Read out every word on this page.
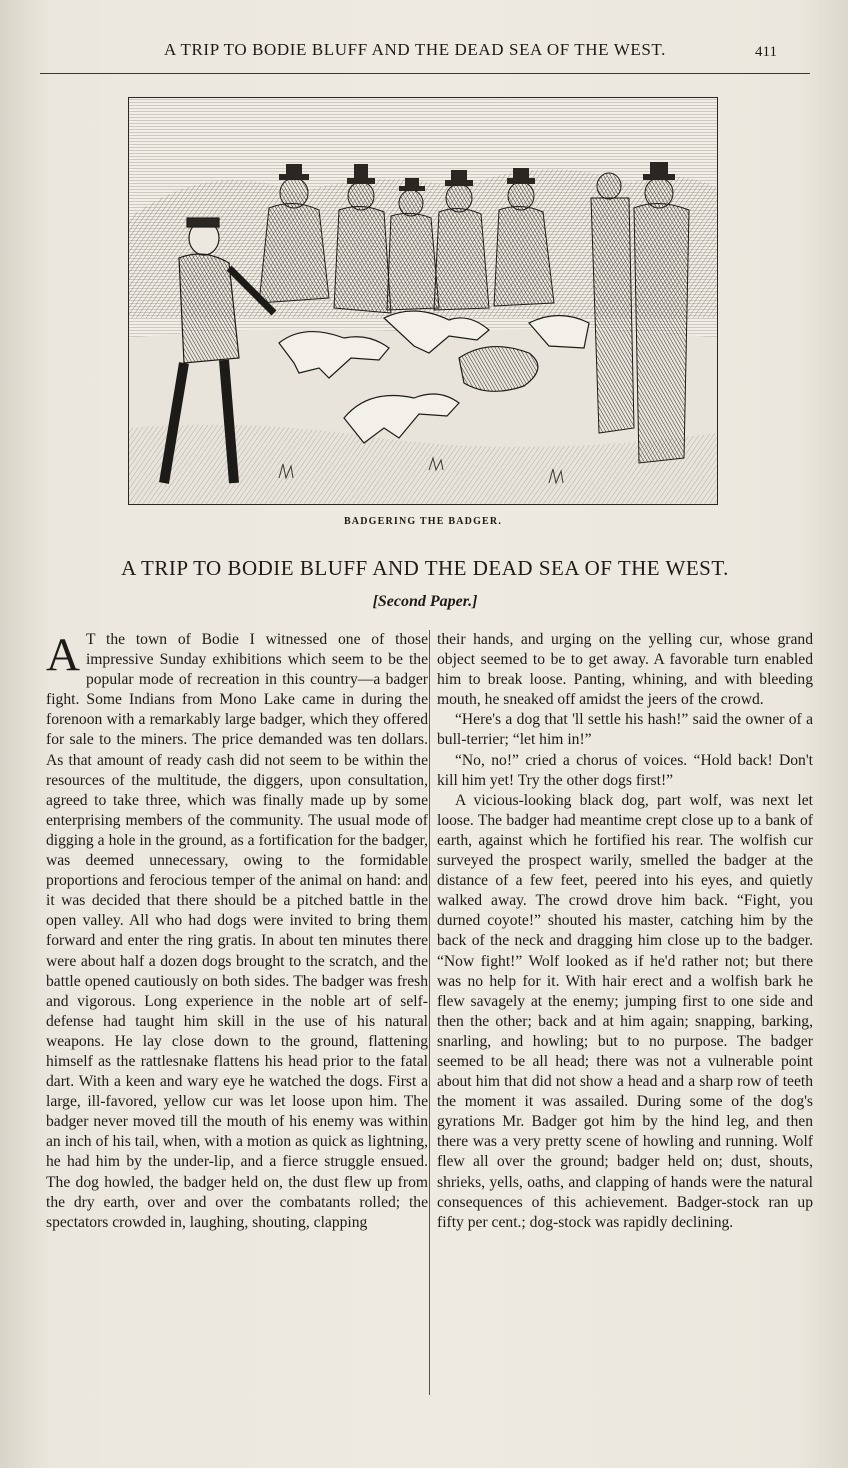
A TRIP TO BODIE BLUFF AND THE DEAD SEA OF THE WEST.	411
BADGERING THE BADGER.
A TRIP TO BODIE BLUFF AND THE DEAD SEA OF THE WEST.
[Second Paper.]

A T the town of Bodie I witnessed one of those impressive Sunday exhibitions which seem to be the popular mode of recreation in this country—a badger fight. Some Indians from Mono Lake came in during the forenoon with a remarkably large badger, which they offered for sale to the miners. The price demanded was ten dollars. As that amount of ready cash did not seem to be within the resources of the multitude, the diggers, upon consultation, agreed to take three, which was finally made up by some enterprising members of the community. The usual mode of digging a hole in the ground, as a fortification for the badger, was deemed unnecessary, owing to the formidable proportions and ferocious temper of the animal on hand: and it was decided that there should be a pitched battle in the open valley. All who had dogs were invited to bring them forward and enter the ring gratis. In about ten minutes there were about half a dozen dogs brought to the scratch, and the battle opened cautiously on both sides. The badger was fresh and vigorous. Long experience in the noble art of self-defense had taught him skill in the use of his natural weapons. He lay close down to the ground, flattening himself as the rattlesnake flattens his head prior to the fatal dart. With a keen and wary eye he watched the dogs. First a large, ill-favored, yellow cur was let loose upon him. The badger never moved till the mouth of his enemy was within an inch of his tail, when, with a motion as quick as lightning, he had him by the under-lip, and a fierce struggle ensued. The dog howled, the badger held on, the dust flew up from the dry earth, over and over the combatants rolled; the spectators crowded in, laughing, shouting, clapping

their hands, and urging on the yelling cur, whose grand object seemed to be to get away. A favorable turn enabled him to break loose. Panting, whining, and with bleeding mouth, he sneaked off amidst the jeers of the crowd.

“Here's a dog that 'll settle his hash!” said the owner of a bull-terrier; “let him in!”

“No, no!” cried a chorus of voices. “Hold back! Don't kill him yet! Try the other dogs first!”

A vicious-looking black dog, part wolf, was next let loose. The badger had meantime crept close up to a bank of earth, against which he fortified his rear. The wolfish cur surveyed the prospect warily, smelled the badger at the distance of a few feet, peered into his eyes, and quietly walked away. The crowd drove him back. “Fight, you durned coyote!” shouted his master, catching him by the back of the neck and dragging him close up to the badger. “Now fight!” Wolf looked as if he'd rather not; but there was no help for it. With hair erect and a wolfish bark he flew savagely at the enemy; jumping first to one side and then the other; back and at him again; snapping, barking, snarling, and howling; but to no purpose. The badger seemed to be all head; there was not a vulnerable point about him that did not show a head and a sharp row of teeth the moment it was assailed. During some of the dog's gyrations Mr. Badger got him by the hind leg, and then there was a very pretty scene of howling and running. Wolf flew all over the ground; badger held on; dust, shouts, shrieks, yells, oaths, and clapping of hands were the natural consequences of this achievement. Badger-stock ran up fifty per cent.; dog-stock was rapidly declining.
